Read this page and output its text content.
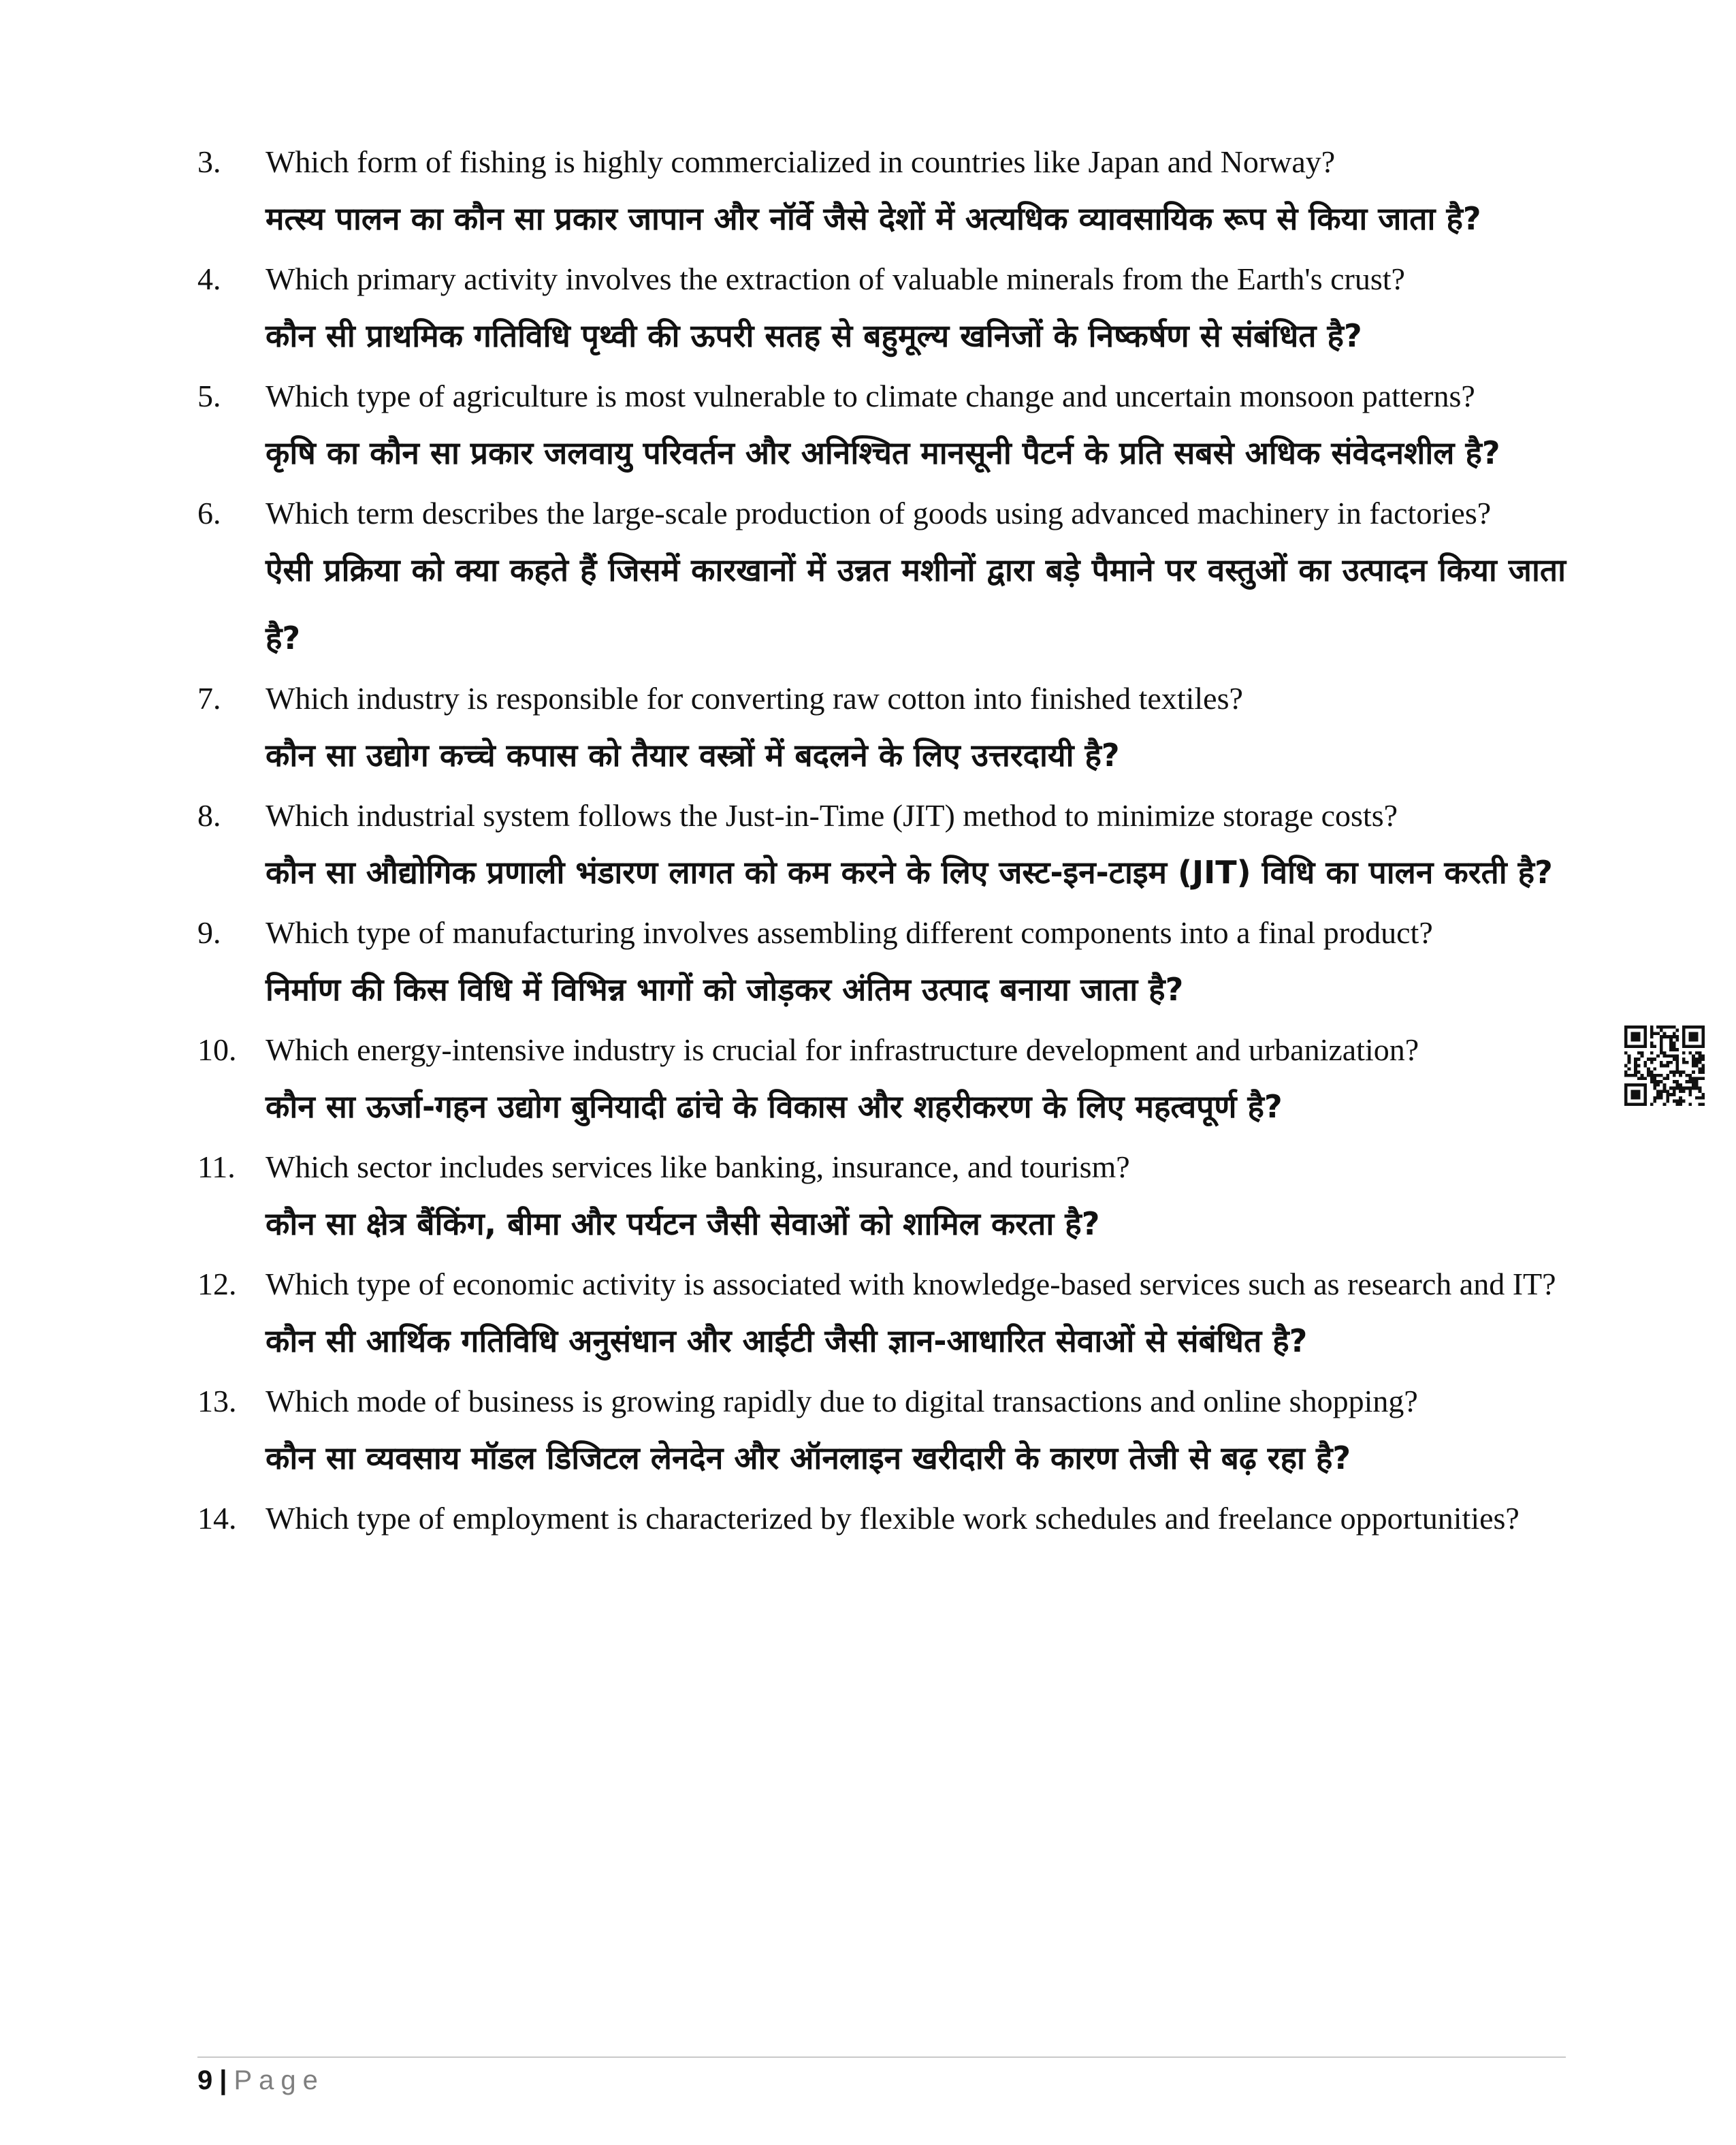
3.	Which form of fishing is highly commercialized in countries like Japan and Norway?

मत्स्य पालन का कौन सा प्रकार जापान और नॉर्वे जैसे देशों में अत्यधिक व्यावसायिक रूप से किया जाता है?

4.	Which primary activity involves the extraction of valuable minerals from the Earth's crust?

कौन सी प्राथमिक गतिविधि पृथ्वी की ऊपरी सतह से बहुमूल्य खनिजों के निष्कर्षण से संबंधित है?

5.	Which type of agriculture is most vulnerable to climate change and uncertain monsoon patterns?

कृषि का कौन सा प्रकार जलवायु परिवर्तन और अनिश्चित मानसूनी पैटर्न के प्रति सबसे अधिक संवेदनशील है?

6.	Which term describes the large-scale production of goods using advanced machinery in factories?

ऐसी प्रक्रिया को क्या कहते हैं जिसमें कारखानों में उन्नत मशीनों द्वारा बड़े पैमाने पर वस्तुओं का उत्पादन किया जाता है?

7.	Which industry is responsible for converting raw cotton into finished textiles?

कौन सा उद्योग कच्चे कपास को तैयार वस्त्रों में बदलने के लिए उत्तरदायी है?

8.	Which industrial system follows the Just-in-Time (JIT) method to minimize storage costs?

कौन सा औद्योगिक प्रणाली भंडारण लागत को कम करने के लिए जस्ट-इन-टाइम (JIT) विधि का पालन करती है?

9.	Which type of manufacturing involves assembling different components into a final product?

निर्माण की किस विधि में विभिन्न भागों को जोड़कर अंतिम उत्पाद बनाया जाता है?

10. Which energy-intensive industry is crucial for infrastructure development and urbanization?

कौन सा ऊर्जा-गहन उद्योग बुनियादी ढांचे के विकास और शहरीकरण के लिए महत्वपूर्ण है?

11. Which sector includes services like banking, insurance, and tourism?

कौन सा क्षेत्र बैंकिंग, बीमा और पर्यटन जैसी सेवाओं को शामिल करता है?

12. Which type of economic activity is associated with knowledge-based services such as research and IT?

कौन सी आर्थिक गतिविधि अनुसंधान और आईटी जैसी ज्ञान-आधारित सेवाओं से संबंधित है?

13. Which mode of business is growing rapidly due to digital transactions and online shopping?

कौन सा व्यवसाय मॉडल डिजिटल लेनदेन और ऑनलाइन खरीदारी के कारण तेजी से बढ़ रहा है?

14. Which type of employment is characterized by flexible work schedules and freelance opportunities?

9 | Page
